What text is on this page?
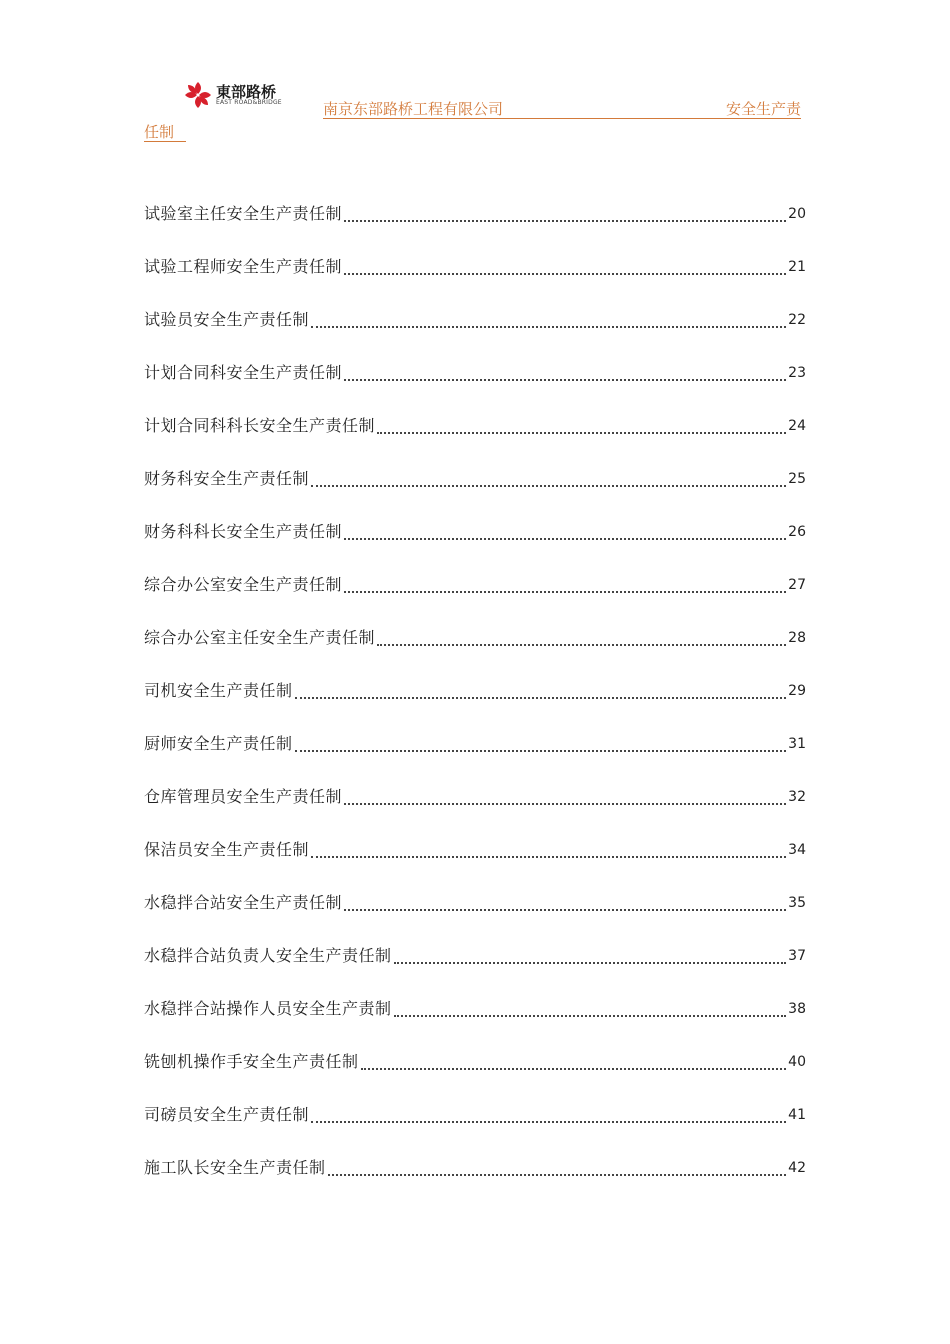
東部路桥
EAST ROAD&BRIDGE	南京东部路桥工程有限公司	安全生产责
任制
试验室主任安全生产责任制	20
试验工程师安全生产责任制	21
试验员安全生产责任制	22
计划合同科安全生产责任制	23
计划合同科科长安全生产责任制	24
财务科安全生产责任制	25
财务科科长安全生产责任制	26
综合办公室安全生产责任制	27
综合办公室主任安全生产责任制	28
司机安全生产责任制	29
厨师安全生产责任制	31
仓库管理员安全生产责任制	32
保洁员安全生产责任制	34
水稳拌合站安全生产责任制	35
水稳拌合站负责人安全生产责任制	37
水稳拌合站操作人员安全生产责制	38
铣刨机操作手安全生产责任制	40
司磅员安全生产责任制	41
施工队长安全生产责任制	42
